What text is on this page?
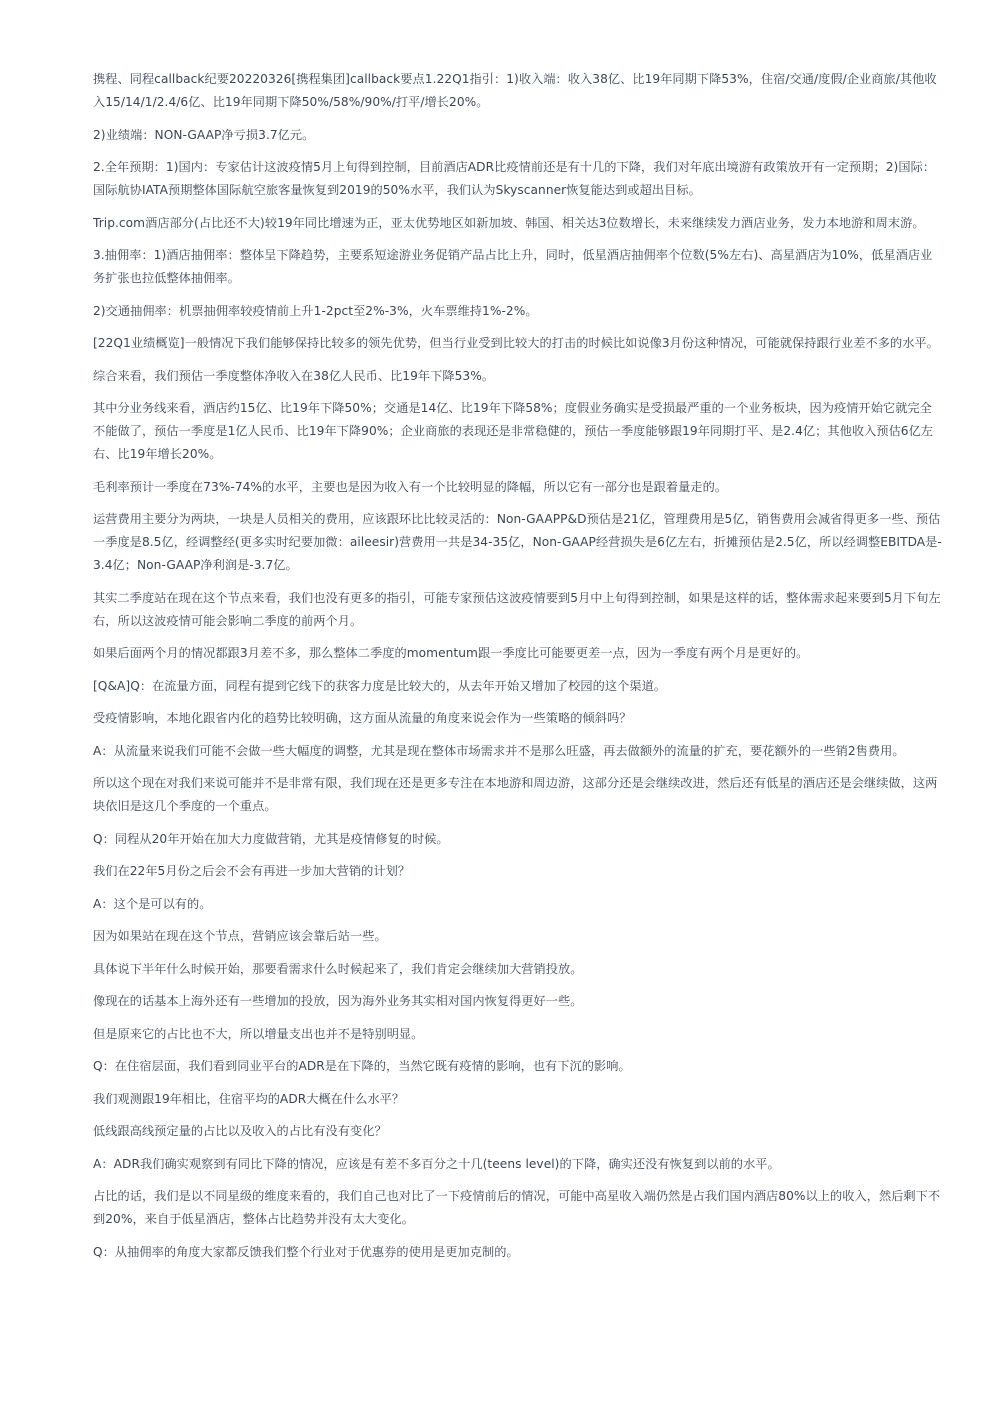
携程、同程callback纪要20220326[携程集团]callback要点1.22Q1指引：1)收入端：收入38亿、比19年同期下降53%，住宿/交通/度假/企业商旅/其他收入15/14/1/2.4/6亿、比19年同期下降50%/58%/90%/打平/增长20%。

2)业绩端：NON-GAAP净亏损3.7亿元。

2.全年预期：1)国内：专家估计这波疫情5月上旬得到控制，目前酒店ADR比疫情前还是有十几的下降，我们对年底出境游有政策放开有一定预期；2)国际：国际航协IATA预期整体国际航空旅客量恢复到2019的50%水平，我们认为Skyscanner恢复能达到或超出目标。

Trip.com酒店部分(占比还不大)较19年同比增速为正，亚太优势地区如新加坡、韩国、相关达3位数增长，未来继续发力酒店业务，发力本地游和周末游。

3.抽佣率：1)酒店抽佣率：整体呈下降趋势，主要系短途游业务促销产品占比上升，同时，低星酒店抽佣率个位数(5%左右)、高星酒店为10%，低星酒店业务扩张也拉低整体抽佣率。

2)交通抽佣率：机票抽佣率较疫情前上升1-2pct至2%-3%，火车票维持1%-2%。

[22Q1业绩概览]一般情况下我们能够保持比较多的领先优势，但当行业受到比较大的打击的时候比如说像3月份这种情况，可能就保持跟行业差不多的水平。

综合来看，我们预估一季度整体净收入在38亿人民币、比19年下降53%。

其中分业务线来看，酒店约15亿、比19年下降50%；交通是14亿、比19年下降58%；度假业务确实是受损最严重的一个业务板块，因为疫情开始它就完全不能做了，预估一季度是1亿人民币、比19年下降90%；企业商旅的表现还是非常稳健的，预估一季度能够跟19年同期打平、是2.4亿；其他收入预估6亿左右、比19年增长20%。

毛利率预计一季度在73%-74%的水平，主要也是因为收入有一个比较明显的降幅，所以它有一部分也是跟着量走的。

运营费用主要分为两块，一块是人员相关的费用，应该跟环比比较灵活的：Non-GAAPP&D预估是21亿，管理费用是5亿，销售费用会减省得更多一些、预估一季度是8.5亿，经调整经(更多实时纪要加微：aileesir)营费用一共是34-35亿，Non-GAAP经营损失是6亿左右，折摊预估是2.5亿，所以经调整EBITDA是-3.4亿；Non-GAAP净利润是-3.7亿。

其实二季度站在现在这个节点来看，我们也没有更多的指引，可能专家预估这波疫情要到5月中上旬得到控制，如果是这样的话，整体需求起来要到5月下旬左右，所以这波疫情可能会影响二季度的前两个月。

如果后面两个月的情况都跟3月差不多，那么整体二季度的momentum跟一季度比可能要更差一点，因为一季度有两个月是更好的。

[Q&A]Q：在流量方面，同程有提到它线下的获客力度是比较大的，从去年开始又增加了校园的这个渠道。

受疫情影响，本地化跟省内化的趋势比较明确，这方面从流量的角度来说会作为一些策略的倾斜吗？

A：从流量来说我们可能不会做一些大幅度的调整，尤其是现在整体市场需求并不是那么旺盛，再去做额外的流量的扩充，要花额外的一些销2售费用。

所以这个现在对我们来说可能并不是非常有限，我们现在还是更多专注在本地游和周边游，这部分还是会继续改进，然后还有低星的酒店还是会继续做，这两块依旧是这几个季度的一个重点。

Q：同程从20年开始在加大力度做营销，尤其是疫情修复的时候。

我们在22年5月份之后会不会有再进一步加大营销的计划？

A：这个是可以有的。

因为如果站在现在这个节点，营销应该会靠后站一些。

具体说下半年什么时候开始，那要看需求什么时候起来了，我们肯定会继续加大营销投放。

像现在的话基本上海外还有一些增加的投放，因为海外业务其实相对国内恢复得更好一些。

但是原来它的占比也不大，所以增量支出也并不是特别明显。

Q：在住宿层面，我们看到同业平台的ADR是在下降的，当然它既有疫情的影响，也有下沉的影响。

我们观测跟19年相比，住宿平均的ADR大概在什么水平？

低线跟高线预定量的占比以及收入的占比有没有变化？

A：ADR我们确实观察到有同比下降的情况，应该是有差不多百分之十几(teens level)的下降，确实还没有恢复到以前的水平。

占比的话，我们是以不同星级的维度来看的，我们自己也对比了一下疫情前后的情况，可能中高星收入端仍然是占我们国内酒店80%以上的收入，然后剩下不到20%，来自于低星酒店，整体占比趋势并没有太大变化。

Q：从抽佣率的角度大家都反馈我们整个行业对于优惠券的使用是更加克制的。
